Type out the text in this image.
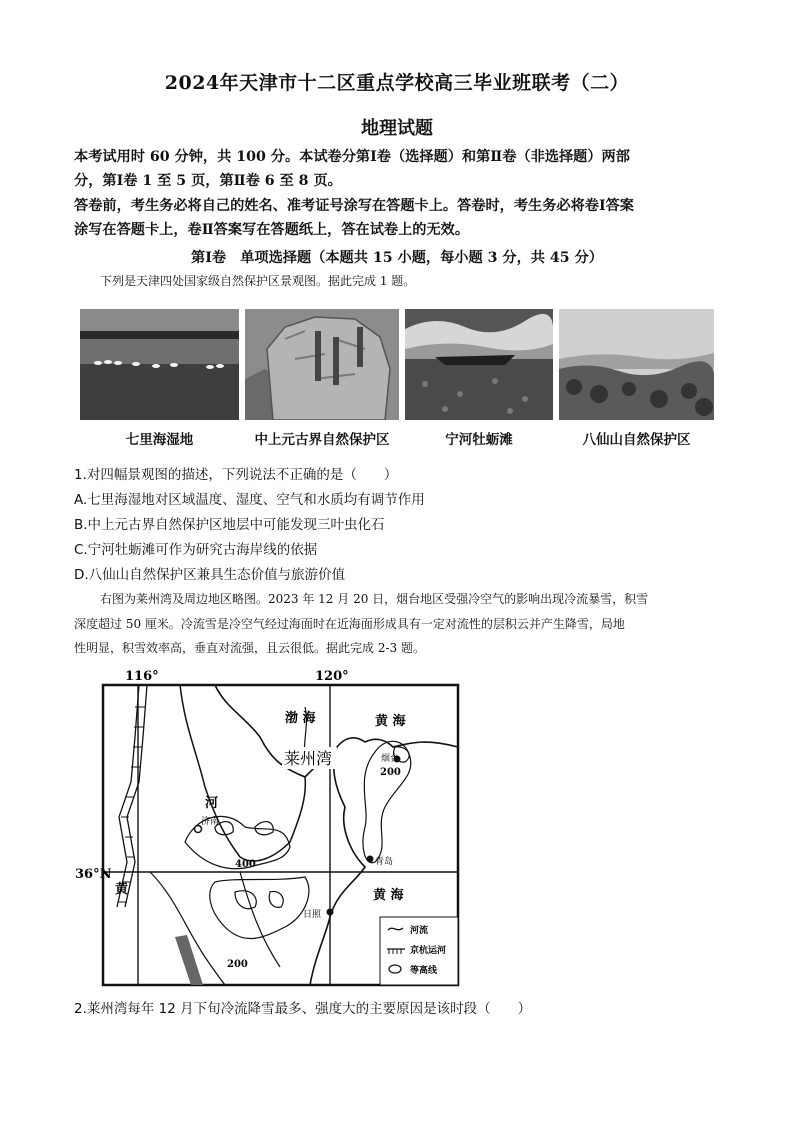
2024年天津市十二区重点学校高三毕业班联考（二）
地理试题
本考试用时 60 分钟，共 100 分。本试卷分第Ⅰ卷（选择题）和第Ⅱ卷（非选择题）两部
分，第Ⅰ卷 1 至 5 页，第Ⅱ卷 6 至 8 页。
答卷前，考生务必将自己的姓名、准考证号涂写在答题卡上。答卷时，考生务必将卷Ⅰ答案
涂写在答题卡上，卷Ⅱ答案写在答题纸上，答在试卷上的无效。
第Ⅰ卷　单项选择题（本题共 15 小题，每小题 3 分，共 45 分）
下列是天津四处国家级自然保护区景观图。据此完成 1 题。
七里海湿地	中上元古界自然保护区	宁河牡蛎滩	八仙山自然保护区
1.对四幅景观图的描述，下列说法不正确的是（　　）
A.七里海湿地对区域温度、湿度、空气和水质均有调节作用
B.中上元古界自然保护区地层中可能发现三叶虫化石
C.宁河牡蛎滩可作为研究古海岸线的依据
D.八仙山自然保护区兼具生态价值与旅游价值
右图为莱州湾及周边地区略图。2023 年 12 月 20 日，烟台地区受强冷空气的影响出现冷流暴雪，积雪
深度超过 50 厘米。冷流雪是冷空气经过海面时在近海面形成具有一定对流性的层积云并产生降雪，局地
性明显，积雪效率高，垂直对流强，且云很低。据此完成 2-3 题。
116°	120°
36°N
渤 海	黄 海
黄 海
莱州湾	烟台
济南
青岛
日照
河
黄
200
400
200
河流
京杭运河
等高线
2.莱州湾每年 12 月下旬冷流降雪最多、强度大的主要原因是该时段（　　）
